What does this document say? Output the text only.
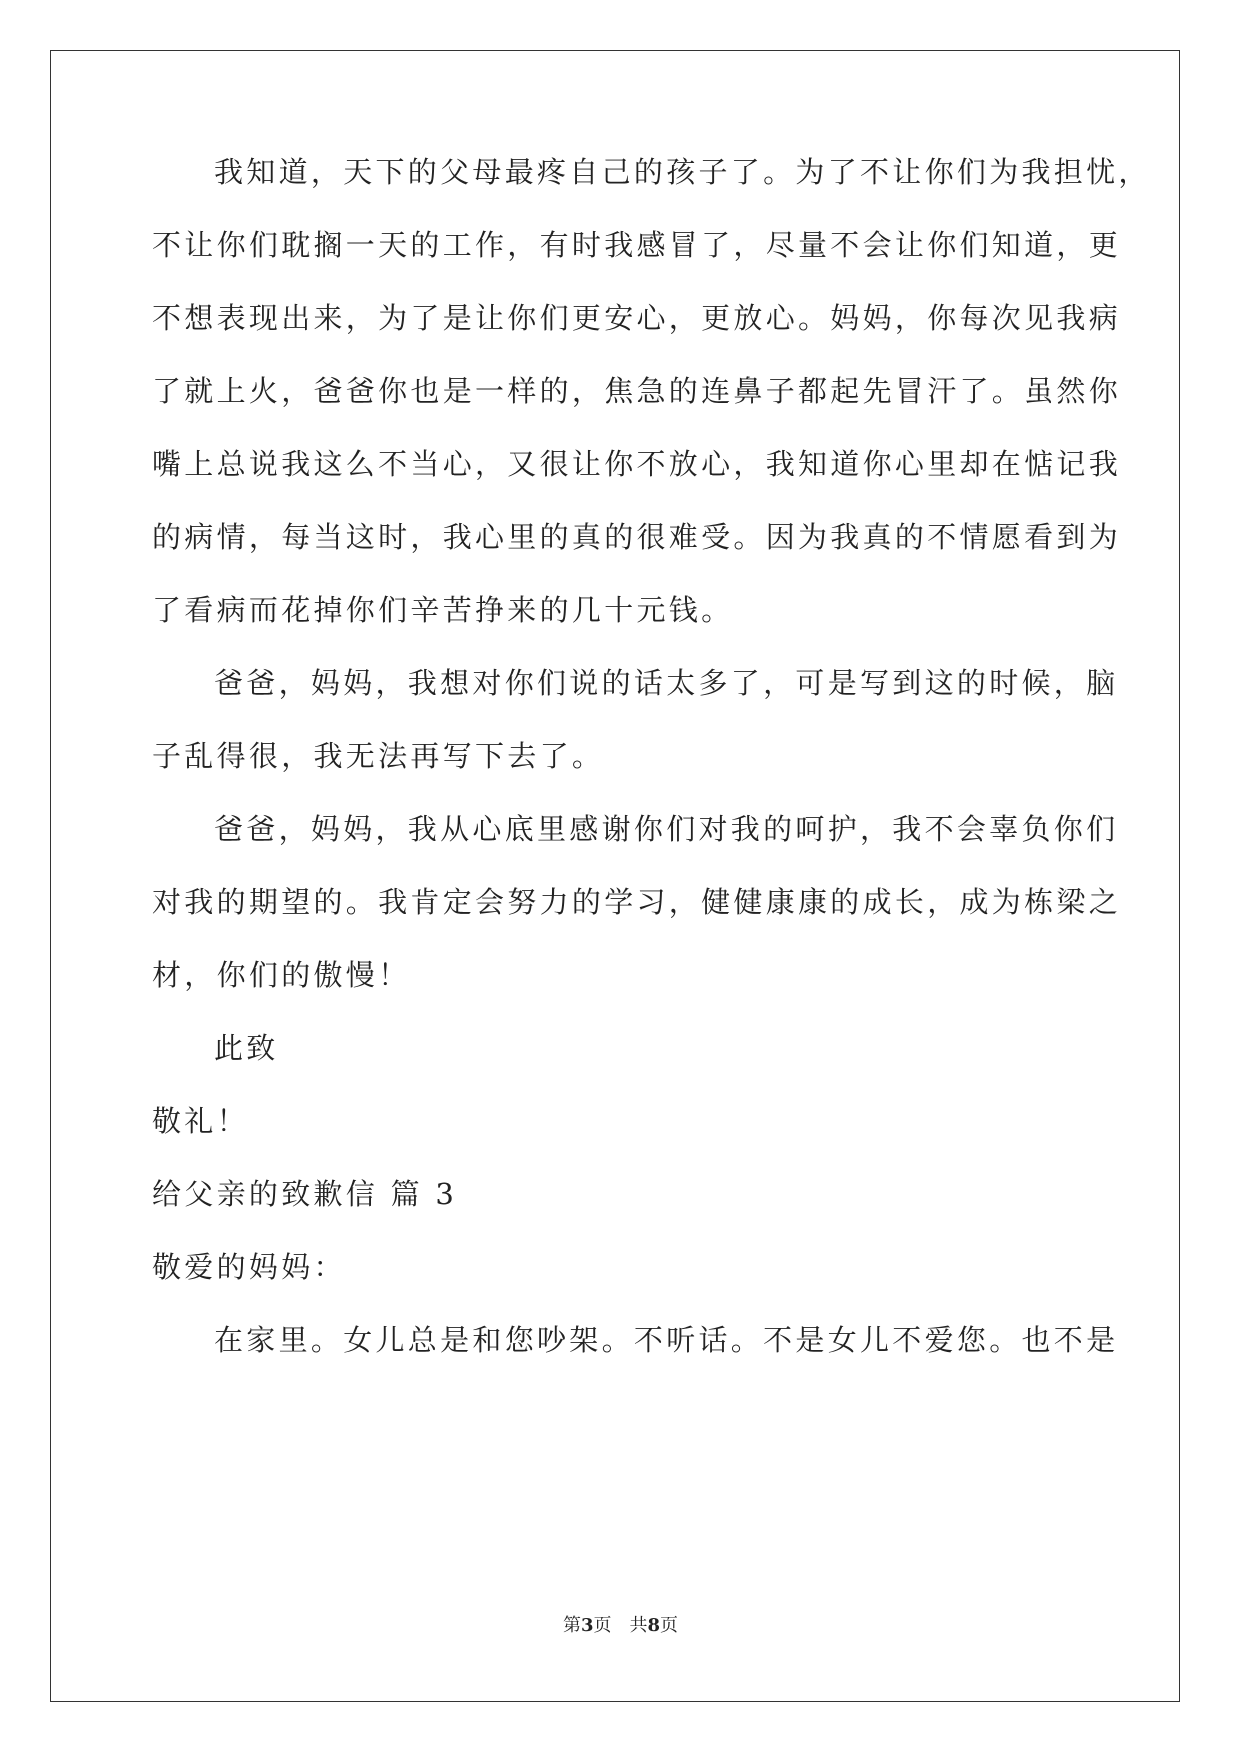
我知道，天下的父母最疼自己的孩子了。为了不让你们为我担忧，
不让你们耽搁一天的工作，有时我感冒了，尽量不会让你们知道，更
不想表现出来，为了是让你们更安心，更放心。妈妈，你每次见我病
了就上火，爸爸你也是一样的，焦急的连鼻子都起先冒汗了。虽然你
嘴上总说我这么不当心，又很让你不放心，我知道你心里却在惦记我
的病情，每当这时，我心里的真的很难受。因为我真的不情愿看到为
了看病而花掉你们辛苦挣来的几十元钱。
爸爸，妈妈，我想对你们说的话太多了，可是写到这的时候，脑
子乱得很，我无法再写下去了。
爸爸，妈妈，我从心底里感谢你们对我的呵护，我不会辜负你们
对我的期望的。我肯定会努力的学习，健健康康的成长，成为栋梁之
材，你们的傲慢！
此致
敬礼！
给父亲的致歉信 篇 3
敬爱的妈妈：
在家里。女儿总是和您吵架。不听话。不是女儿不爱您。也不是
第3页　共8页
